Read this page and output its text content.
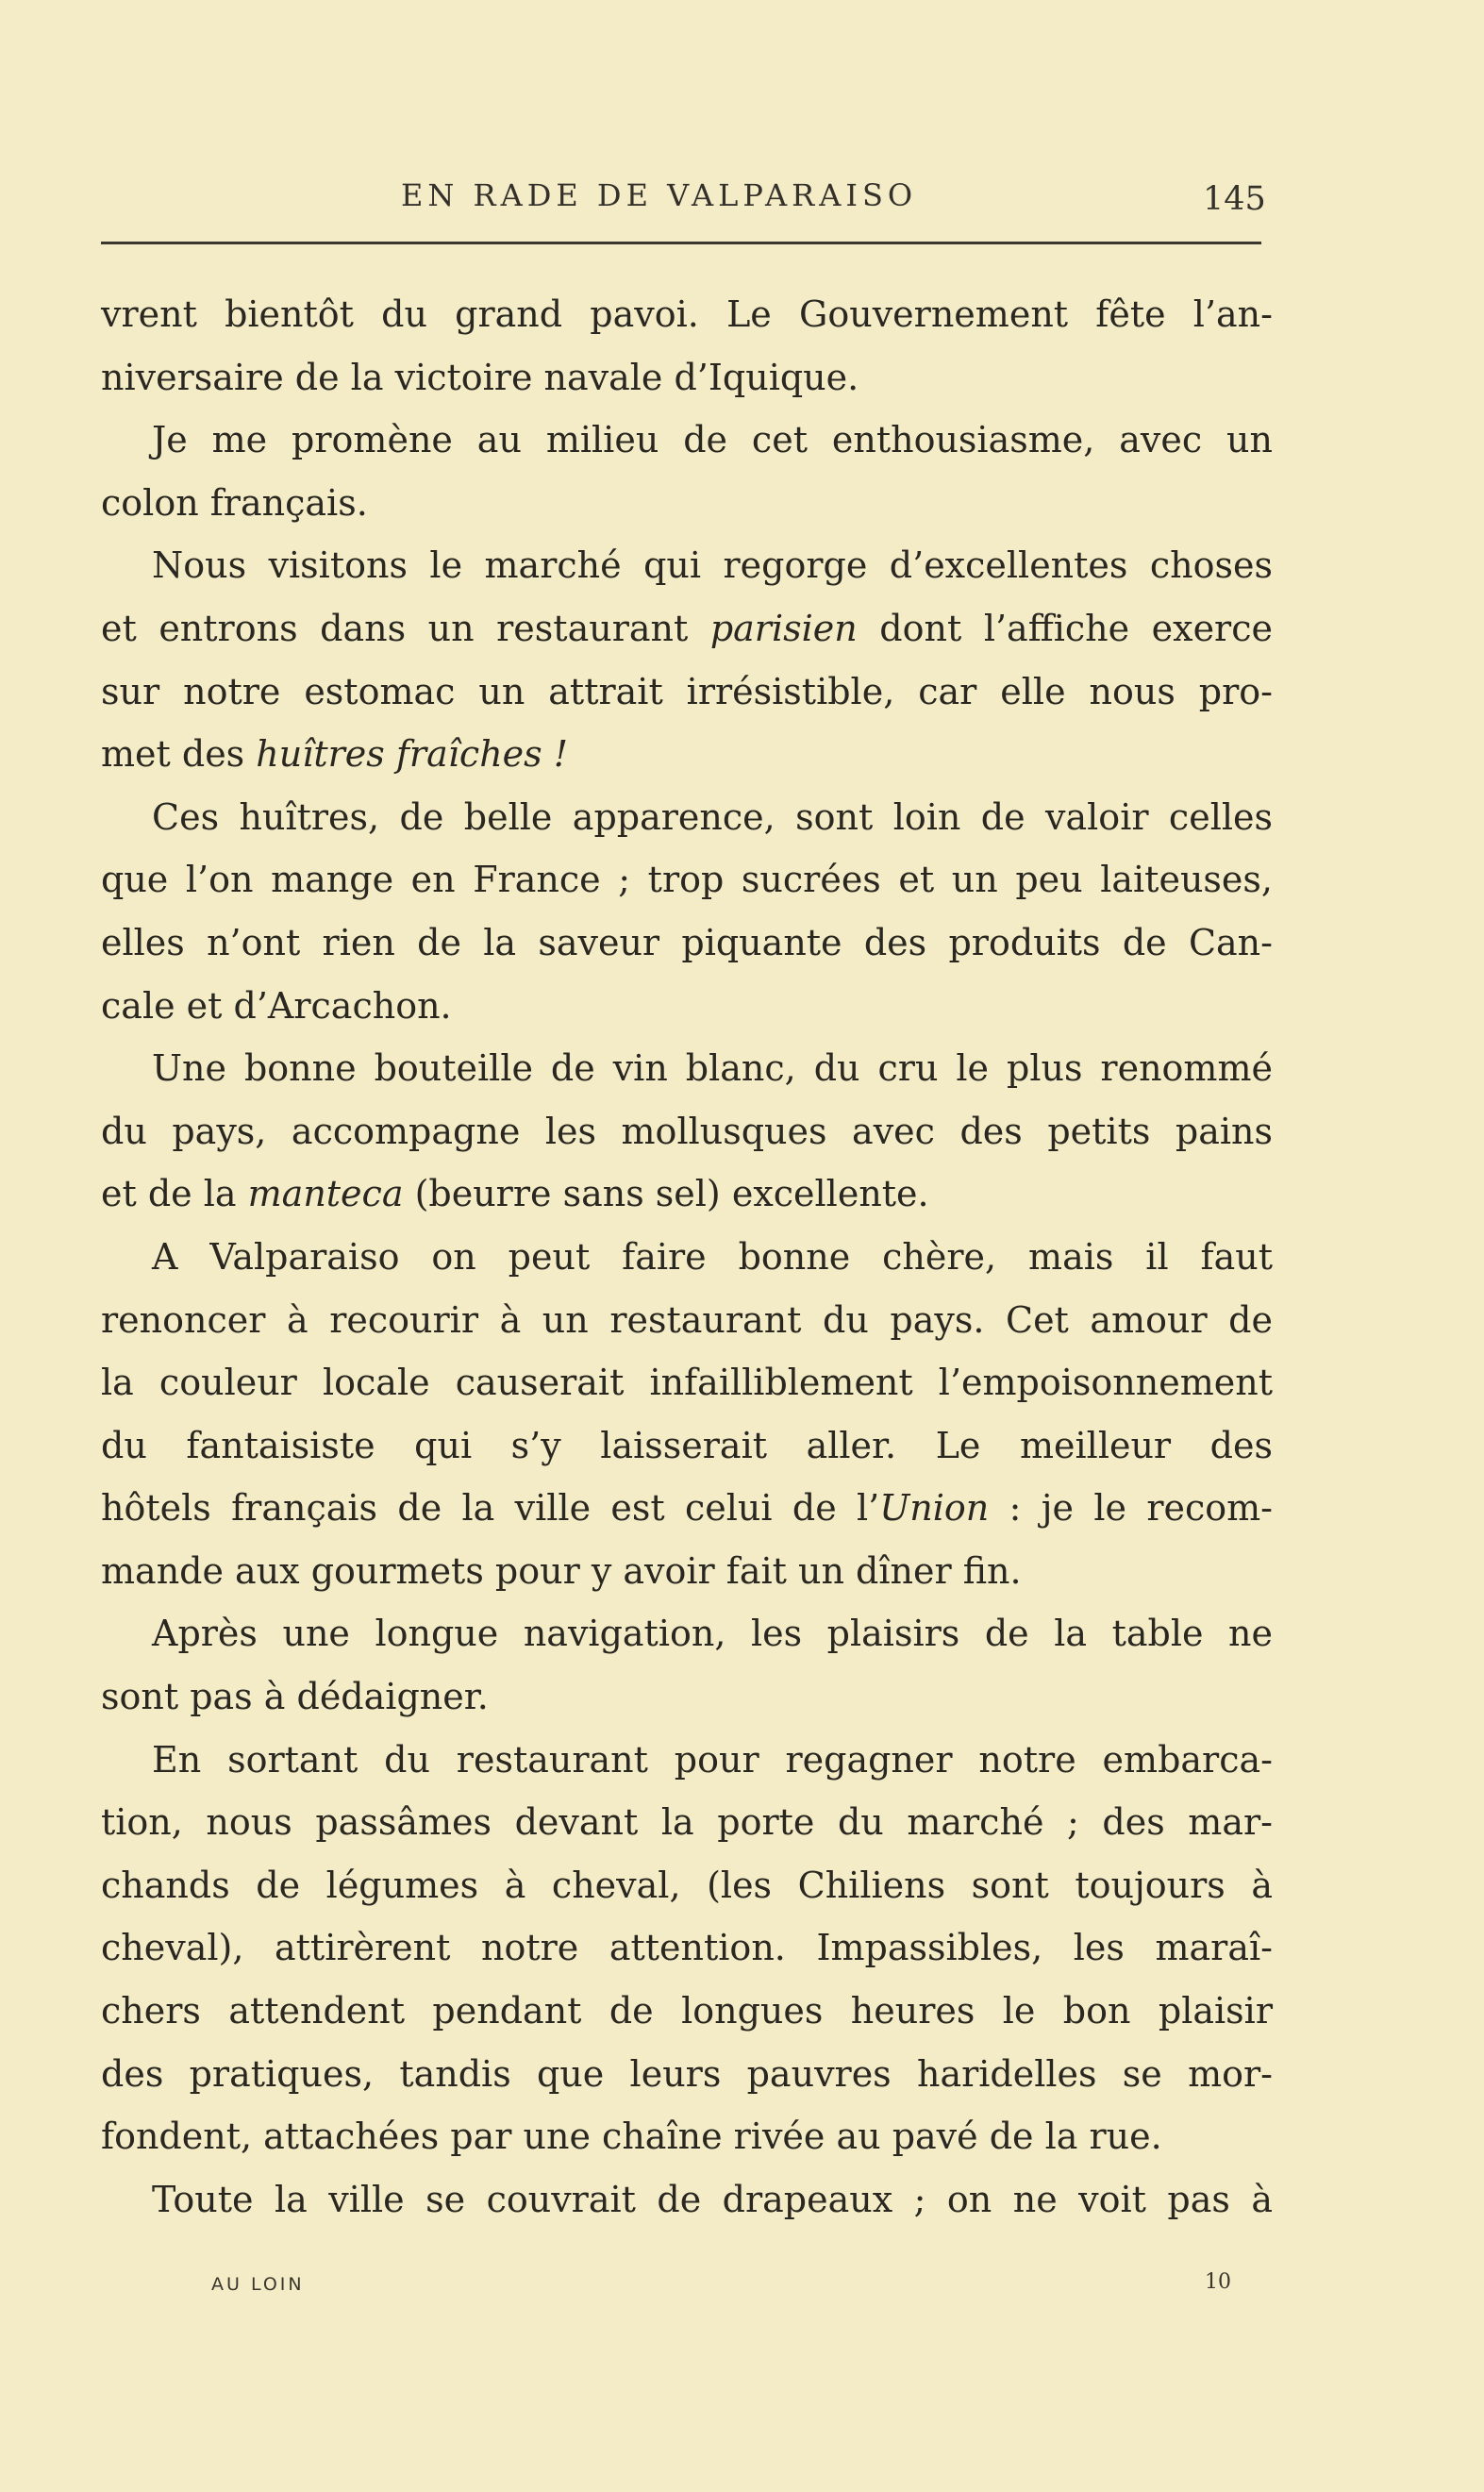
EN RADE DE VALPARAISO	145
vrent bientôt du grand pavoi. Le Gouvernement fête l’an-
niversaire de la victoire navale d’Iquique.
Je me promène au milieu de cet enthousiasme, avec un
colon français.
Nous visitons le marché qui regorge d’excellentes choses
et entrons dans un restaurant parisien dont l’affiche exerce
sur notre estomac un attrait irrésistible, car elle nous pro-
met des huîtres fraîches !
Ces huîtres, de belle apparence, sont loin de valoir celles
que l’on mange en France ; trop sucrées et un peu laiteuses,
elles n’ont rien de la saveur piquante des produits de Can-
cale et d’Arcachon.
Une bonne bouteille de vin blanc, du cru le plus renommé
du pays, accompagne les mollusques avec des petits pains
et de la manteca (beurre sans sel) excellente.
A Valparaiso on peut faire bonne chère, mais il faut
renoncer à recourir à un restaurant du pays. Cet amour de
la couleur locale causerait infailliblement l’empoisonnement
du fantaisiste qui s’y laisserait aller. Le meilleur des
hôtels français de la ville est celui de l’Union : je le recom-
mande aux gourmets pour y avoir fait un dîner fin.
Après une longue navigation, les plaisirs de la table ne
sont pas à dédaigner.
En sortant du restaurant pour regagner notre embarca-
tion, nous passâmes devant la porte du marché ; des mar-
chands de légumes à cheval, (les Chiliens sont toujours à
cheval), attirèrent notre attention. Impassibles, les maraî-
chers attendent pendant de longues heures le bon plaisir
des pratiques, tandis que leurs pauvres haridelles se mor-
fondent, attachées par une chaîne rivée au pavé de la rue.
Toute la ville se couvrait de drapeaux ; on ne voit pas à
AU LOIN	10
